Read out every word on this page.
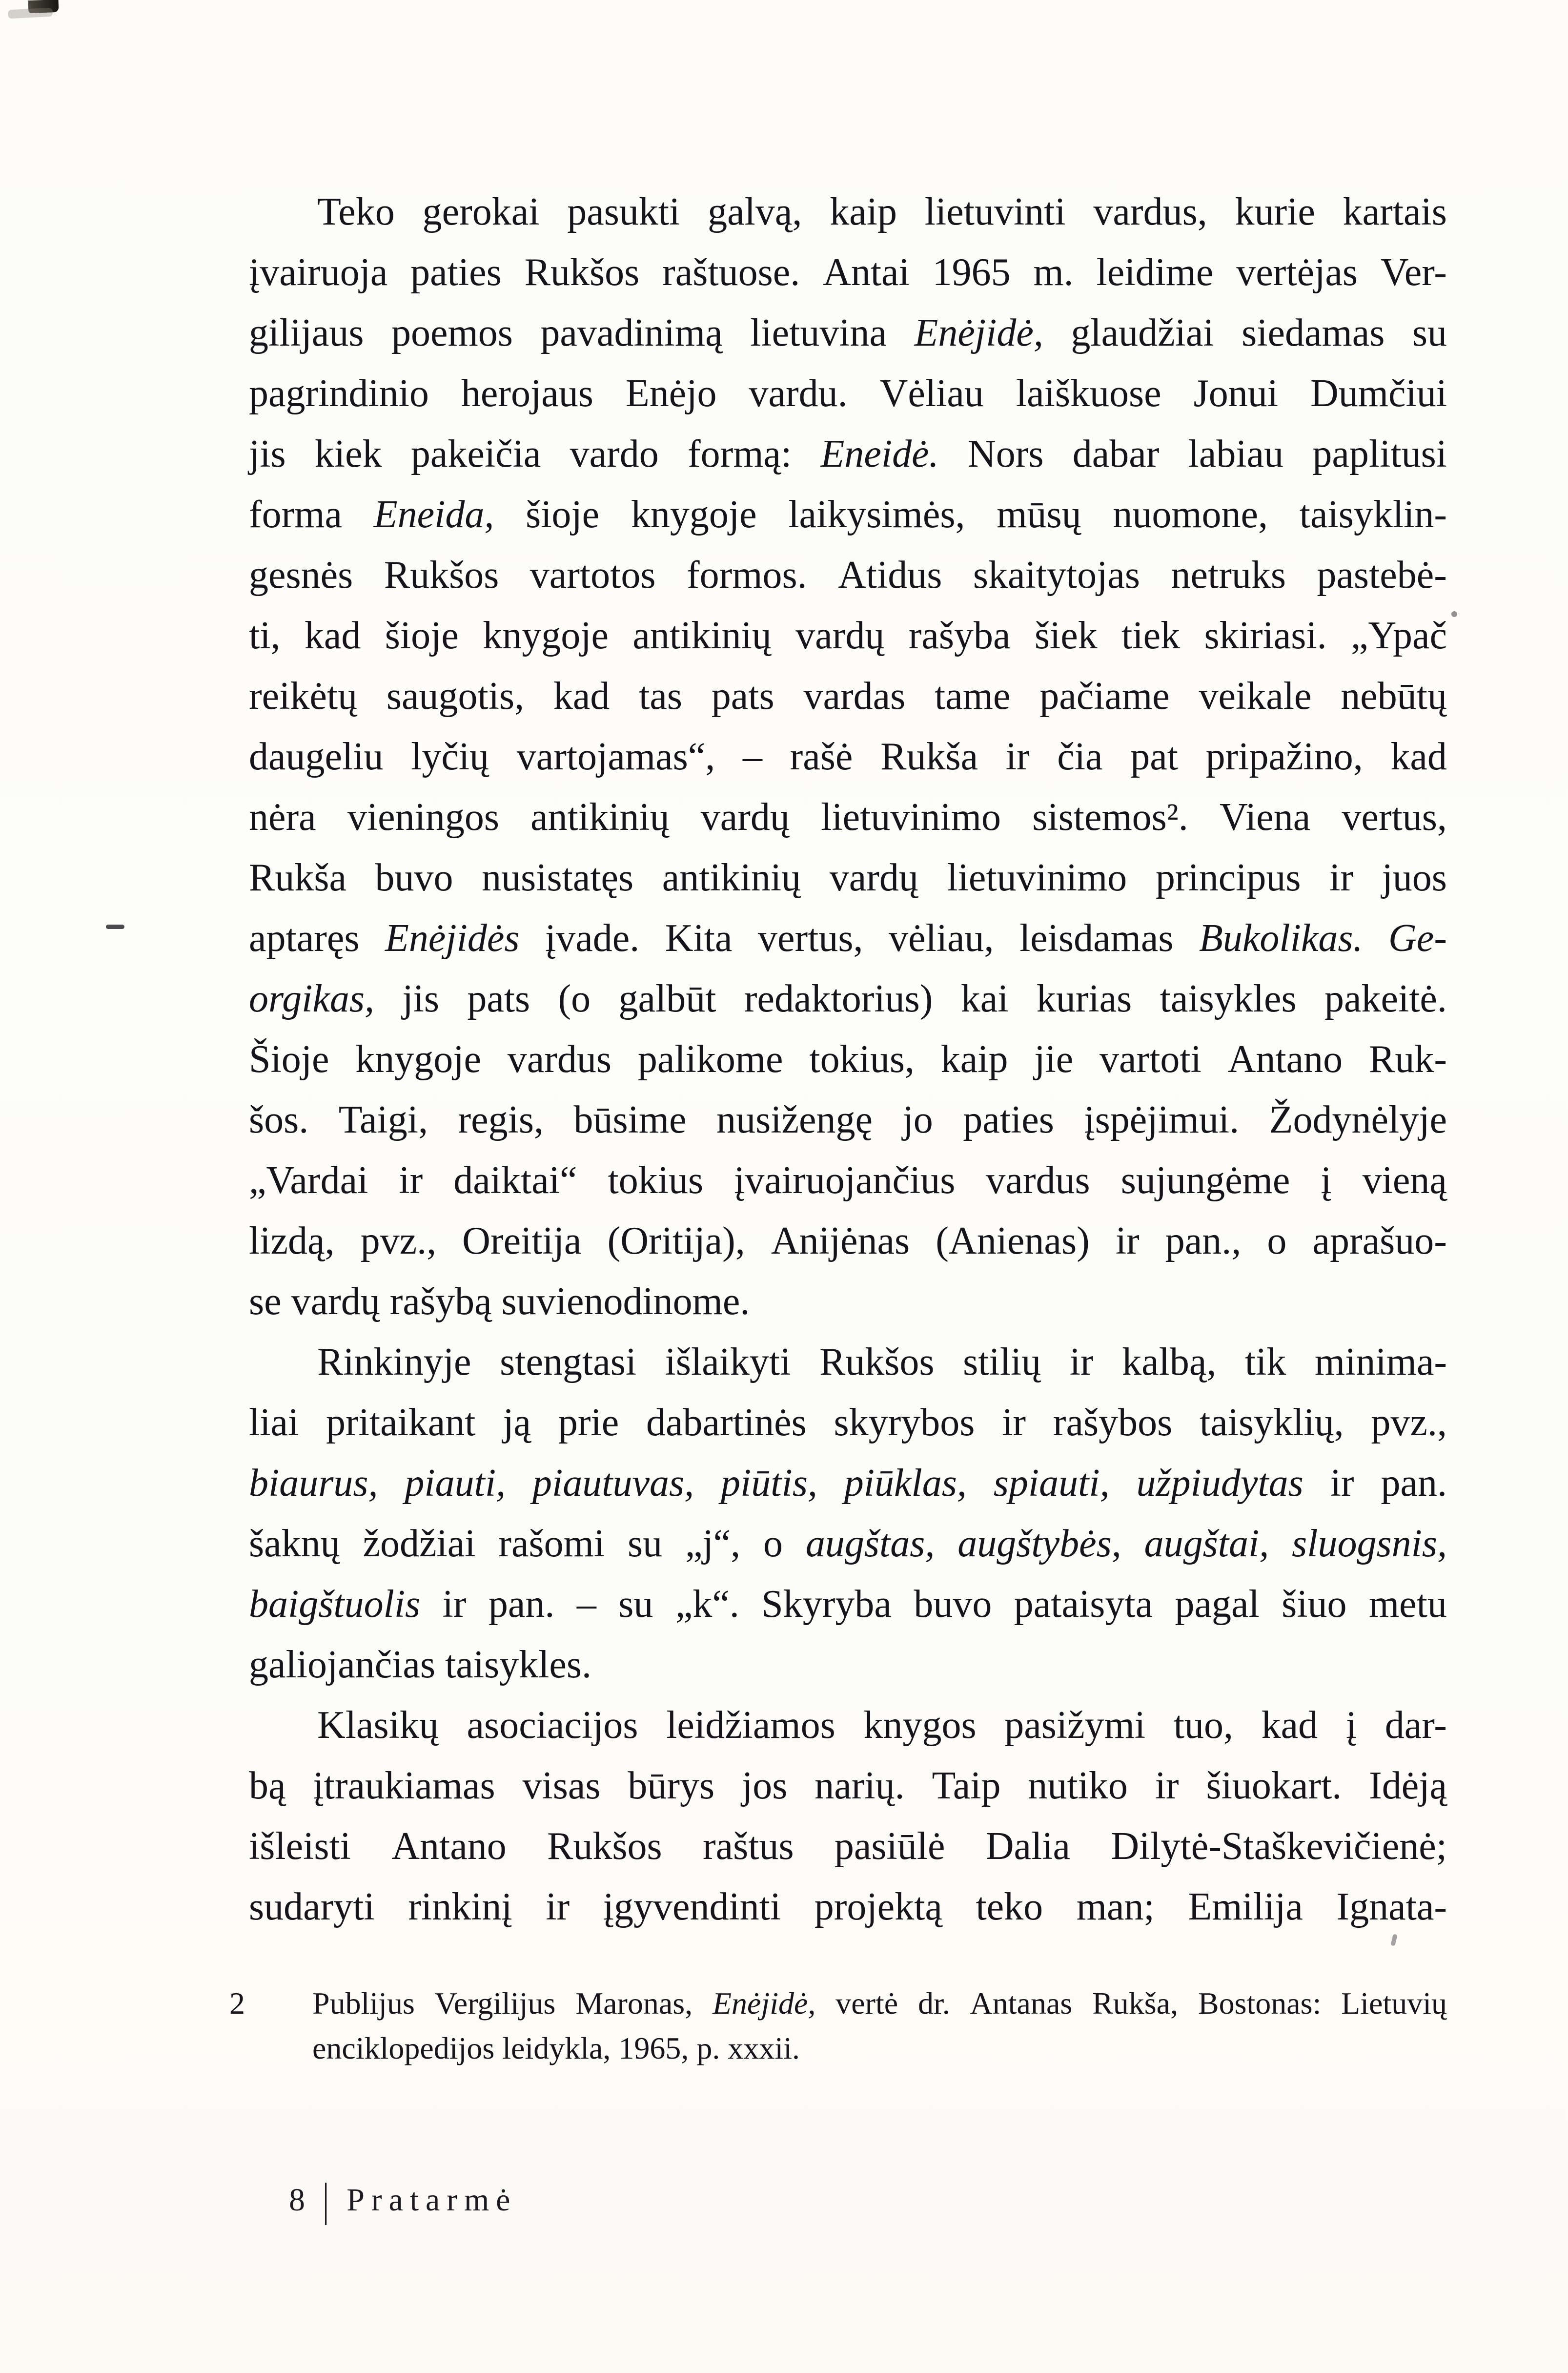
Teko gerokai pasukti galvą, kaip lietuvinti vardus, kurie kartais
įvairuoja paties Rukšos raštuose. Antai 1965 m. leidime vertėjas Ver-
gilijaus poemos pavadinimą lietuvina Enėjidė, glaudžiai siedamas su
pagrindinio herojaus Enėjo vardu. Vėliau laiškuose Jonui Dumčiui
jis kiek pakeičia vardo formą: Eneidė. Nors dabar labiau paplitusi
forma Eneida, šioje knygoje laikysimės, mūsų nuomone, taisyklin-
gesnės Rukšos vartotos formos. Atidus skaitytojas netruks pastebė-
ti, kad šioje knygoje antikinių vardų rašyba šiek tiek skiriasi. „Ypač
reikėtų saugotis, kad tas pats vardas tame pačiame veikale nebūtų
daugeliu lyčių vartojamas“, – rašė Rukša ir čia pat pripažino, kad
nėra vieningos antikinių vardų lietuvinimo sistemos². Viena vertus,
Rukša buvo nusistatęs antikinių vardų lietuvinimo principus ir juos
aptaręs Enėjidės įvade. Kita vertus, vėliau, leisdamas Bukolikas. Ge-
orgikas, jis pats (o galbūt redaktorius) kai kurias taisykles pakeitė.
Šioje knygoje vardus palikome tokius, kaip jie vartoti Antano Ruk-
šos. Taigi, regis, būsime nusižengę jo paties įspėjimui. Žodynėlyje
„Vardai ir daiktai“ tokius įvairuojančius vardus sujungėme į vieną
lizdą, pvz., Oreitija (Oritija), Anijėnas (Anienas) ir pan., o aprašuo-
se vardų rašybą suvienodinome.
Rinkinyje stengtasi išlaikyti Rukšos stilių ir kalbą, tik minima-
liai pritaikant ją prie dabartinės skyrybos ir rašybos taisyklių, pvz.,
biaurus, piauti, piautuvas, piūtis, piūklas, spiauti, užpiudytas ir pan.
šaknų žodžiai rašomi su „j“, o augštas, augštybės, augštai, sluogsnis,
baigštuolis ir pan. – su „k“. Skyryba buvo pataisyta pagal šiuo metu
galiojančias taisykles.
Klasikų asociacijos leidžiamos knygos pasižymi tuo, kad į dar-
bą įtraukiamas visas būrys jos narių. Taip nutiko ir šiuokart. Idėją
išleisti Antano Rukšos raštus pasiūlė Dalia Dilytė-Staškevičienė;
sudaryti rinkinį ir įgyvendinti projektą teko man; Emilija Ignata-
2	Publijus Vergilijus Maronas, Enėjidė, vertė dr. Antanas Rukša, Bostonas: Lietuvių
enciklopedijos leidykla, 1965, p. xxxii.
8 | Pratarmė
